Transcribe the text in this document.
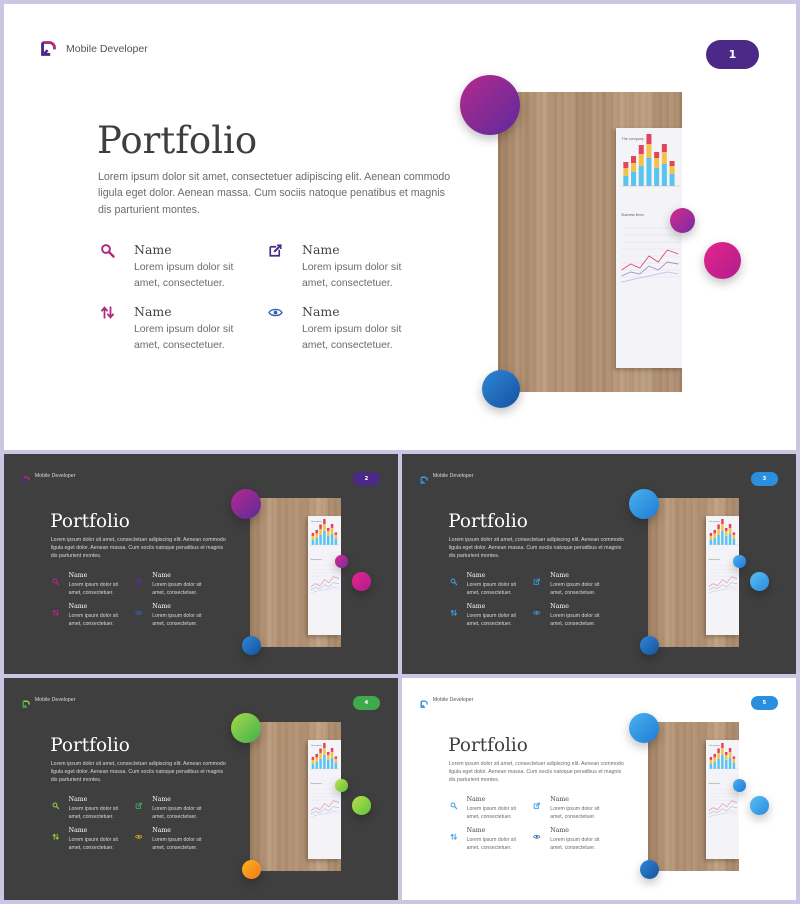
Mobile Developer	1
Portfolio
Lorem ipsum dolor sit amet, consectetuer adipiscing elit. Aenean commodo ligula eget dolor. Aenean massa. Cum sociis natoque penatibus et magnis dis parturient montes.
Name
Lorem ipsum dolor sit amet, consectetuer.
Name
Lorem ipsum dolor sit amet, consectetuer.
Name
Lorem ipsum dolor sit amet, consectetuer.
Name
Lorem ipsum dolor sit amet, consectetuer.
The company
Business items
Mobile Developer	2
Portfolio
Lorem ipsum dolor sit amet, consectetuer adipiscing elit. Aenean commodo ligula eget dolor. Aenean massa. Cum sociis natoque penatibus et magnis dis parturient montes.
Name
Lorem ipsum dolor sit amet, consectetuer.
Name
Lorem ipsum dolor sit amet, consectetuer.
Name
Lorem ipsum dolor sit amet, consectetuer.
Name
Lorem ipsum dolor sit amet, consectetuer.
The company
Business items
Mobile Developer	3
Portfolio
Lorem ipsum dolor sit amet, consectetuer adipiscing elit. Aenean commodo ligula eget dolor. Aenean massa. Cum sociis natoque penatibus et magnis dis parturient montes.
Name
Lorem ipsum dolor sit amet, consectetuer.
Name
Lorem ipsum dolor sit amet, consectetuer.
Name
Lorem ipsum dolor sit amet, consectetuer.
Name
Lorem ipsum dolor sit amet, consectetuer.
The company
Business items
Mobile Developer	4
Portfolio
Lorem ipsum dolor sit amet, consectetuer adipiscing elit. Aenean commodo ligula eget dolor. Aenean massa. Cum sociis natoque penatibus et magnis dis parturient montes.
Name
Lorem ipsum dolor sit amet, consectetuer.
Name
Lorem ipsum dolor sit amet, consectetuer.
Name
Lorem ipsum dolor sit amet, consectetuer.
Name
Lorem ipsum dolor sit amet, consectetuer.
The company
Business items
Mobile Developer	5
Portfolio
Lorem ipsum dolor sit amet, consectetuer adipiscing elit. Aenean commodo ligula eget dolor. Aenean massa. Cum sociis natoque penatibus et magnis dis parturient montes.
Name
Lorem ipsum dolor sit amet, consectetuer.
Name
Lorem ipsum dolor sit amet, consectetuer.
Name
Lorem ipsum dolor sit amet, consectetuer.
Name
Lorem ipsum dolor sit amet, consectetuer.
The company
Business items
